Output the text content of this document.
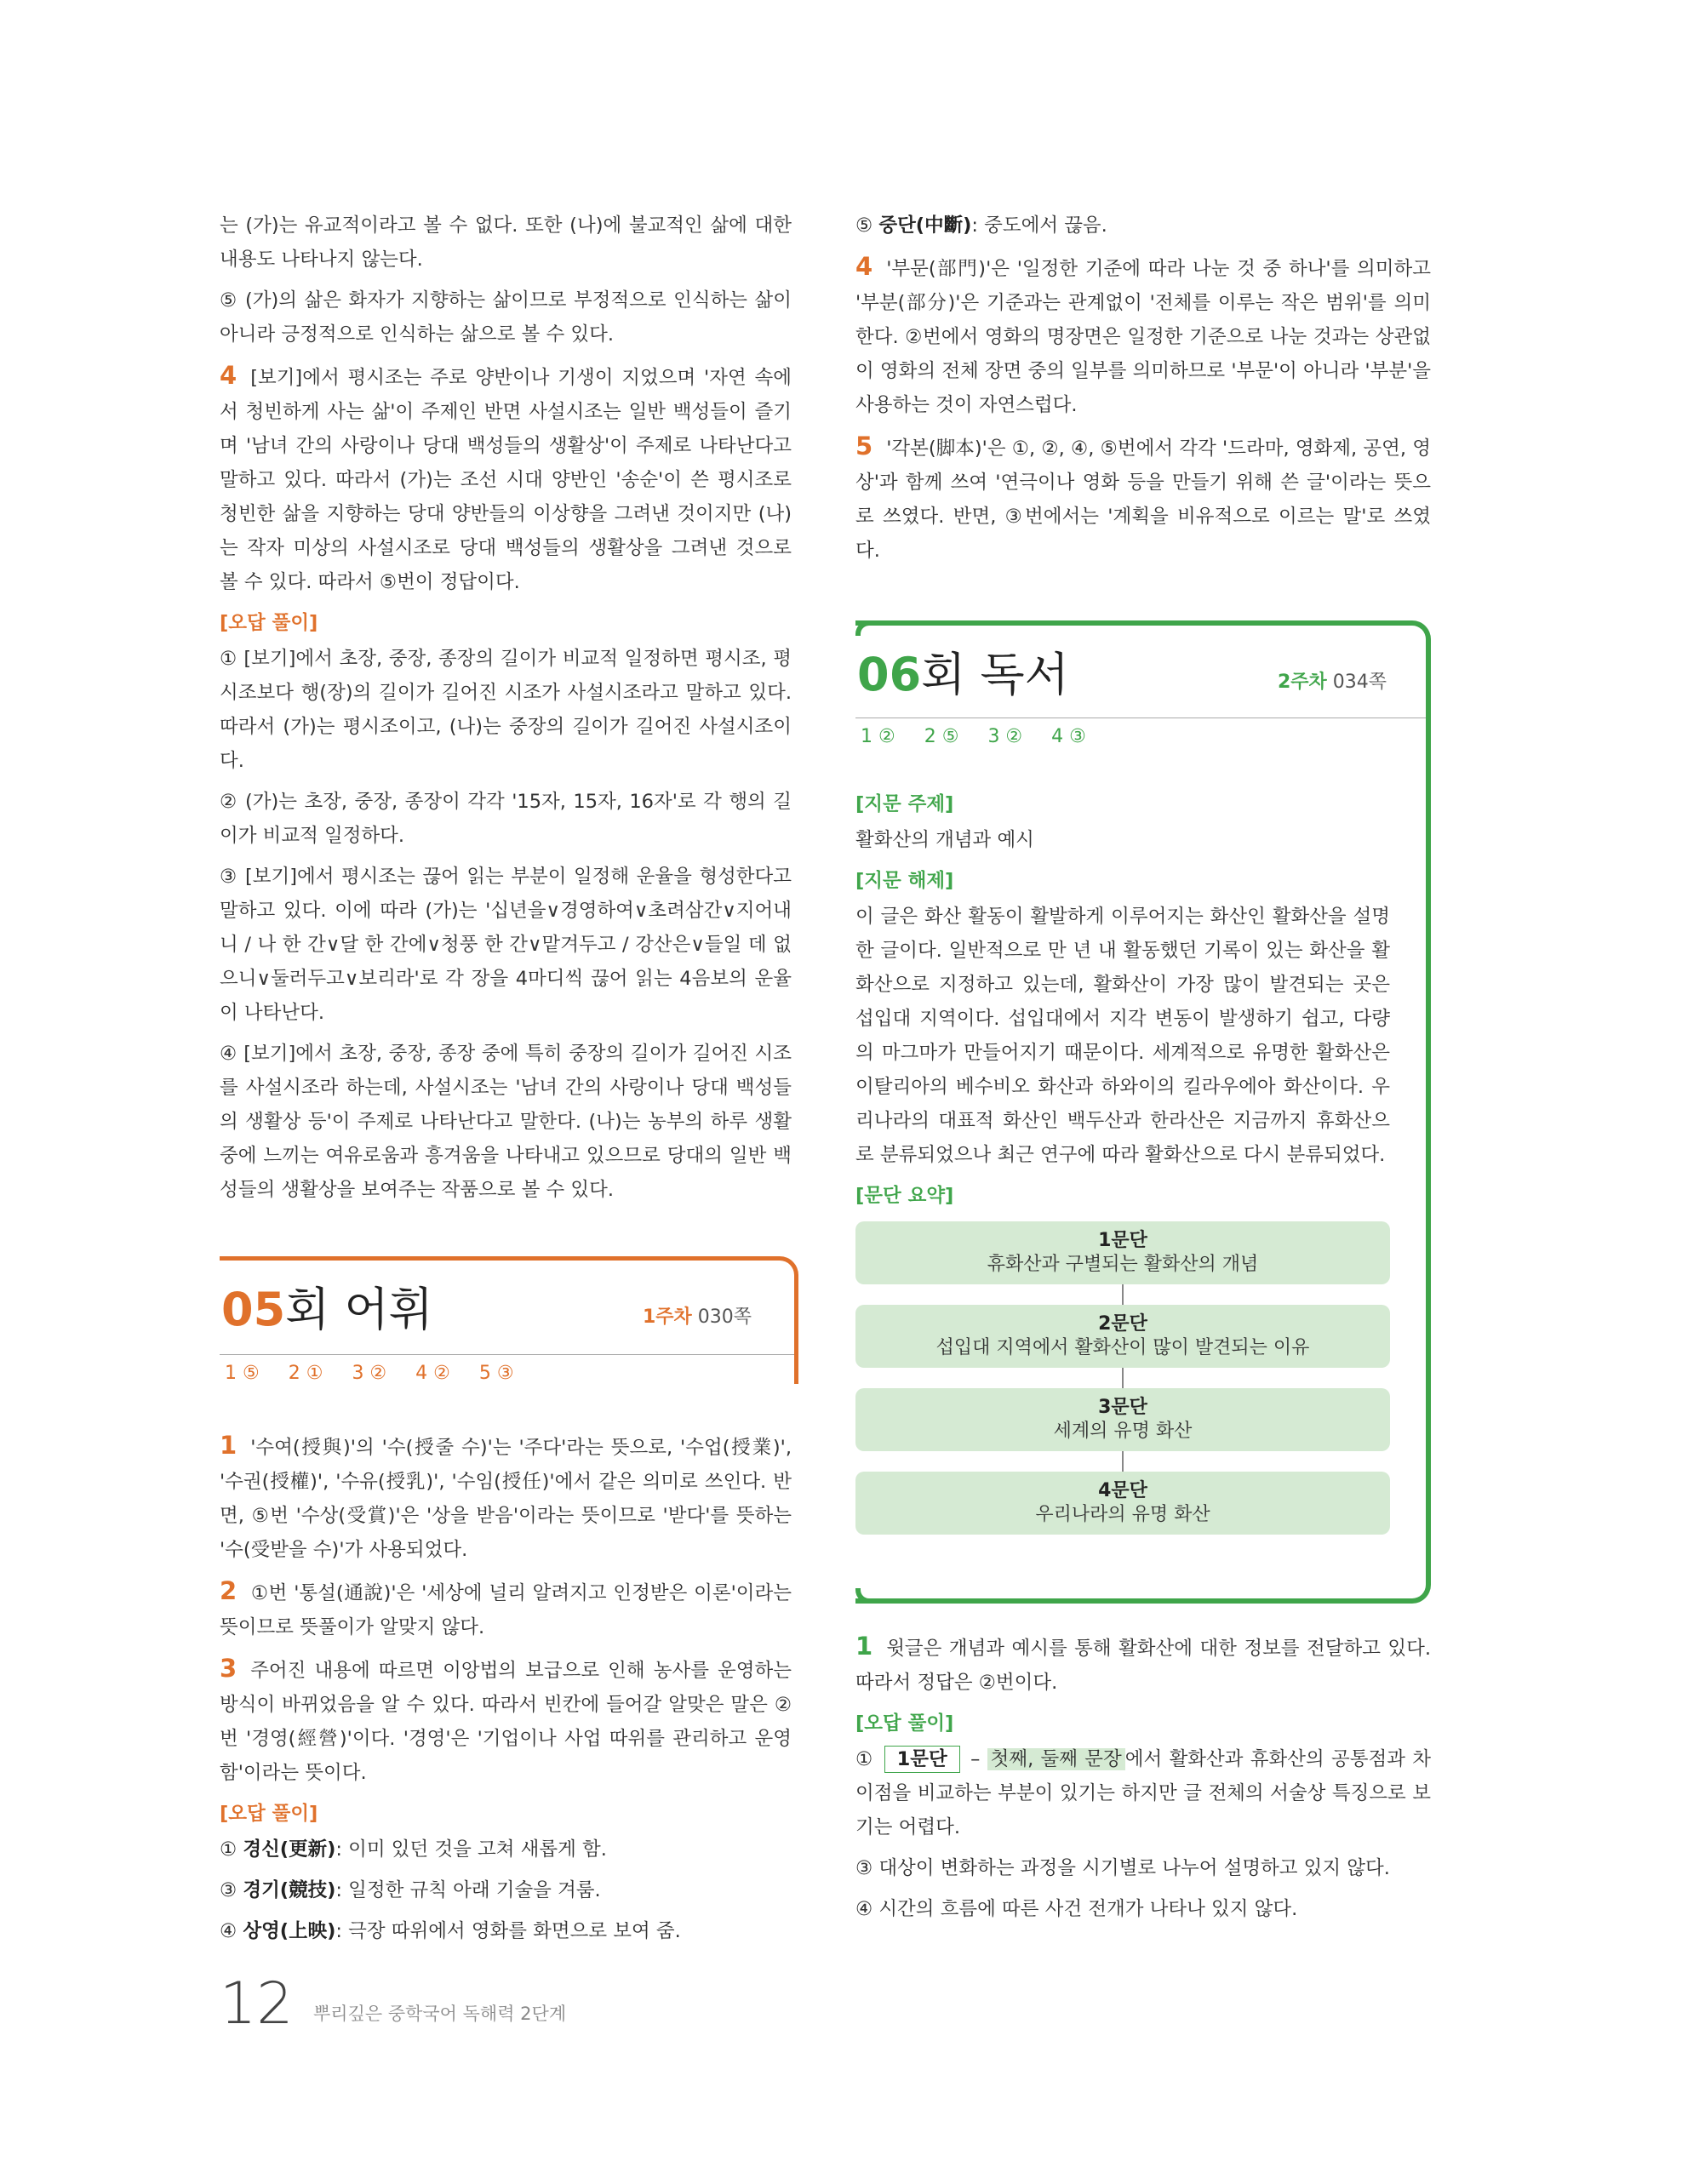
는 (가)는 유교적이라고 볼 수 없다. 또한 (나)에 불교적인 삶에 대한 내용도 나타나지 않는다.

⑤ (가)의 삶은 화자가 지향하는 삶이므로 부정적으로 인식하는 삶이 아니라 긍정적으로 인식하는 삶으로 볼 수 있다.

4 [보기]에서 평시조는 주로 양반이나 기생이 지었으며 '자연 속에서 청빈하게 사는 삶'이 주제인 반면 사설시조는 일반 백성들이 즐기며 '남녀 간의 사랑이나 당대 백성들의 생활상'이 주제로 나타난다고 말하고 있다. 따라서 (가)는 조선 시대 양반인 '송순'이 쓴 평시조로 청빈한 삶을 지향하는 당대 양반들의 이상향을 그려낸 것이지만 (나)는 작자 미상의 사설시조로 당대 백성들의 생활상을 그려낸 것으로 볼 수 있다. 따라서 ⑤번이 정답이다.

[오답 풀이]

① [보기]에서 초장, 중장, 종장의 길이가 비교적 일정하면 평시조, 평시조보다 행(장)의 길이가 길어진 시조가 사설시조라고 말하고 있다. 따라서 (가)는 평시조이고, (나)는 중장의 길이가 길어진 사설시조이다.

② (가)는 초장, 중장, 종장이 각각 '15자, 15자, 16자'로 각 행의 길이가 비교적 일정하다.

③ [보기]에서 평시조는 끊어 읽는 부분이 일정해 운율을 형성한다고 말하고 있다. 이에 따라 (가)는 '십년을∨경영하여∨초려삼간∨지어내니 / 나 한 간∨달 한 간에∨청풍 한 간∨맡겨두고 / 강산은∨들일 데 없으니∨둘러두고∨보리라'로 각 장을 4마디씩 끊어 읽는 4음보의 운율이 나타난다.

④ [보기]에서 초장, 중장, 종장 중에 특히 중장의 길이가 길어진 시조를 사설시조라 하는데, 사설시조는 '남녀 간의 사랑이나 당대 백성들의 생활상 등'이 주제로 나타난다고 말한다. (나)는 농부의 하루 생활 중에 느끼는 여유로움과 흥겨움을 나타내고 있으므로 당대의 일반 백성들의 생활상을 보여주는 작품으로 볼 수 있다.

05회 어휘	1주차 030쪽
1 ⑤ 2 ① 3 ② 4 ② 5 ③

1 '수여(授與)'의 '수(授줄 수)'는 '주다'라는 뜻으로, '수업(授業)', '수권(授權)', '수유(授乳)', '수임(授任)'에서 같은 의미로 쓰인다. 반면, ⑤번 '수상(受賞)'은 '상을 받음'이라는 뜻이므로 '받다'를 뜻하는 '수(受받을 수)'가 사용되었다.

2 ①번 '통설(通說)'은 '세상에 널리 알려지고 인정받은 이론'이라는 뜻이므로 뜻풀이가 알맞지 않다.

3 주어진 내용에 따르면 이앙법의 보급으로 인해 농사를 운영하는 방식이 바뀌었음을 알 수 있다. 따라서 빈칸에 들어갈 알맞은 말은 ②번 '경영(經營)'이다. '경영'은 '기업이나 사업 따위를 관리하고 운영함'이라는 뜻이다.

[오답 풀이]

① 경신(更新): 이미 있던 것을 고쳐 새롭게 함.

③ 경기(競技): 일정한 규칙 아래 기술을 겨룸.

④ 상영(上映): 극장 따위에서 영화를 화면으로 보여 줌.

⑤ 중단(中斷): 중도에서 끊음.

4 '부문(部門)'은 '일정한 기준에 따라 나눈 것 중 하나'를 의미하고 '부분(部分)'은 기준과는 관계없이 '전체를 이루는 작은 범위'를 의미한다. ②번에서 영화의 명장면은 일정한 기준으로 나눈 것과는 상관없이 영화의 전체 장면 중의 일부를 의미하므로 '부문'이 아니라 '부분'을 사용하는 것이 자연스럽다.

5 '각본(脚本)'은 ①, ②, ④, ⑤번에서 각각 '드라마, 영화제, 공연, 영상'과 함께 쓰여 '연극이나 영화 등을 만들기 위해 쓴 글'이라는 뜻으로 쓰였다. 반면, ③번에서는 '계획을 비유적으로 이르는 말'로 쓰였다.

06회 독서	2주차 034쪽
1 ② 2 ⑤ 3 ② 4 ③
[지문 주제]

활화산의 개념과 예시

[지문 해제]

이 글은 화산 활동이 활발하게 이루어지는 화산인 활화산을 설명한 글이다. 일반적으로 만 년 내 활동했던 기록이 있는 화산을 활화산으로 지정하고 있는데, 활화산이 가장 많이 발견되는 곳은 섭입대 지역이다. 섭입대에서 지각 변동이 발생하기 쉽고, 다량의 마그마가 만들어지기 때문이다. 세계적으로 유명한 활화산은 이탈리아의 베수비오 화산과 하와이의 킬라우에아 화산이다. 우리나라의 대표적 화산인 백두산과 한라산은 지금까지 휴화산으로 분류되었으나 최근 연구에 따라 활화산으로 다시 분류되었다.

[문단 요약]
1문단
휴화산과 구별되는 활화산의 개념
2문단
섭입대 지역에서 활화산이 많이 발견되는 이유
3문단
세계의 유명 화산
4문단
우리나라의 유명 화산

1 윗글은 개념과 예시를 통해 활화산에 대한 정보를 전달하고 있다. 따라서 정답은 ②번이다.

[오답 풀이]

① 1문단 – 첫째, 둘째 문장 에서 활화산과 휴화산의 공통점과 차이점을 비교하는 부분이 있기는 하지만 글 전체의 서술상 특징으로 보기는 어렵다.

③ 대상이 변화하는 과정을 시기별로 나누어 설명하고 있지 않다.

④ 시간의 흐름에 따른 사건 전개가 나타나 있지 않다.

12 뿌리깊은 중학국어 독해력 2단계
